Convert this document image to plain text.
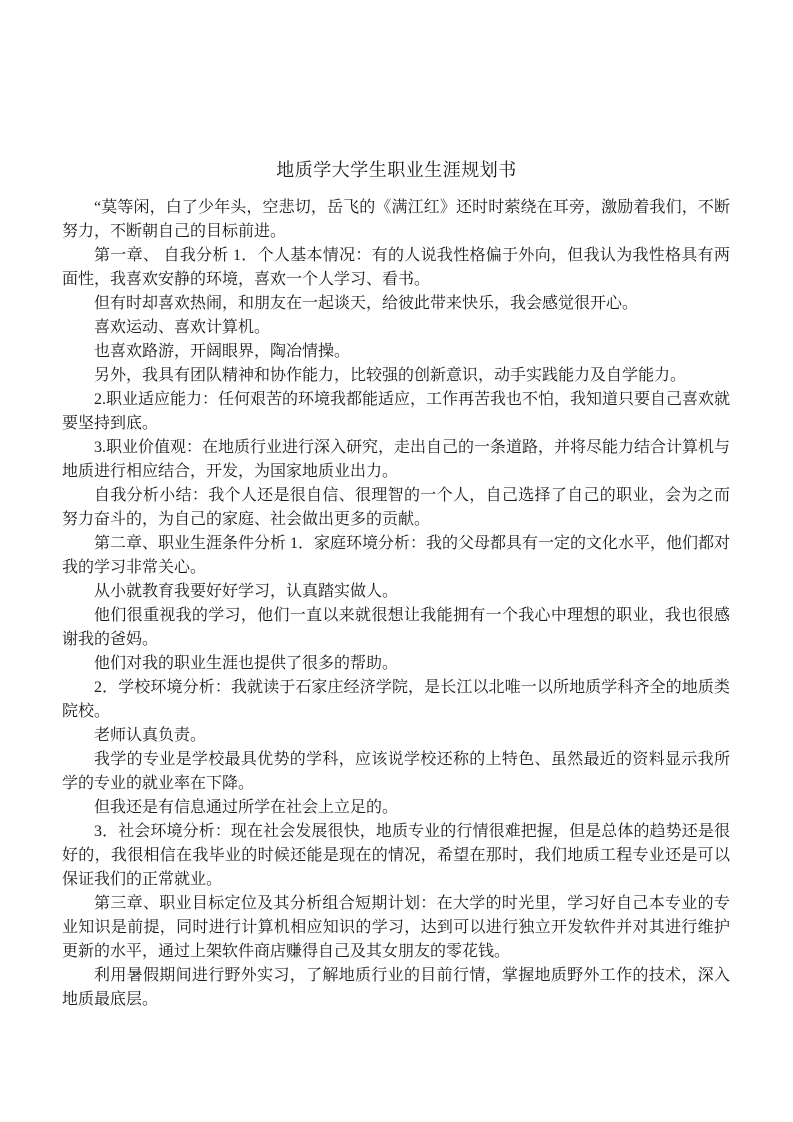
地质学大学生职业生涯规划书

“莫等闲，白了少年头，空悲切，岳飞的《满江红》还时时萦绕在耳旁，激励着我们，不断努力，不断朝自己的目标前进。

第一章、 自我分析 1．个人基本情况：有的人说我性格偏于外向，但我认为我性格具有两面性，我喜欢安静的环境，喜欢一个人学习、看书。

但有时却喜欢热闹，和朋友在一起谈天，给彼此带来快乐，我会感觉很开心。

喜欢运动、喜欢计算机。

也喜欢路游，开阔眼界，陶冶情操。

另外，我具有团队精神和协作能力，比较强的创新意识，动手实践能力及自学能力。

2.职业适应能力：任何艰苦的环境我都能适应，工作再苦我也不怕，我知道只要自己喜欢就要坚持到底。

3.职业价值观：在地质行业进行深入研究，走出自己的一条道路，并将尽能力结合计算机与地质进行相应结合，开发，为国家地质业出力。

自我分析小结：我个人还是很自信、很理智的一个人，自己选择了自己的职业，会为之而努力奋斗的，为自己的家庭、社会做出更多的贡献。

第二章、职业生涯条件分析 1．家庭环境分析：我的父母都具有一定的文化水平，他们都对我的学习非常关心。

从小就教育我要好好学习，认真踏实做人。

他们很重视我的学习，他们一直以来就很想让我能拥有一个我心中理想的职业，我也很感谢我的爸妈。

他们对我的职业生涯也提供了很多的帮助。

2．学校环境分析：我就读于石家庄经济学院，是长江以北唯一以所地质学科齐全的地质类院校。

老师认真负责。

我学的专业是学校最具优势的学科，应该说学校还称的上特色、虽然最近的资料显示我所学的专业的就业率在下降。

但我还是有信息通过所学在社会上立足的。

3．社会环境分析：现在社会发展很快，地质专业的行情很难把握，但是总体的趋势还是很好的，我很相信在我毕业的时候还能是现在的情况，希望在那时，我们地质工程专业还是可以保证我们的正常就业。

第三章、职业目标定位及其分析组合短期计划：在大学的时光里，学习好自己本专业的专业知识是前提，同时进行计算机相应知识的学习，达到可以进行独立开发软件并对其进行维护更新的水平，通过上架软件商店赚得自己及其女朋友的零花钱。

利用暑假期间进行野外实习，了解地质行业的目前行情，掌握地质野外工作的技术，深入地质最底层。
